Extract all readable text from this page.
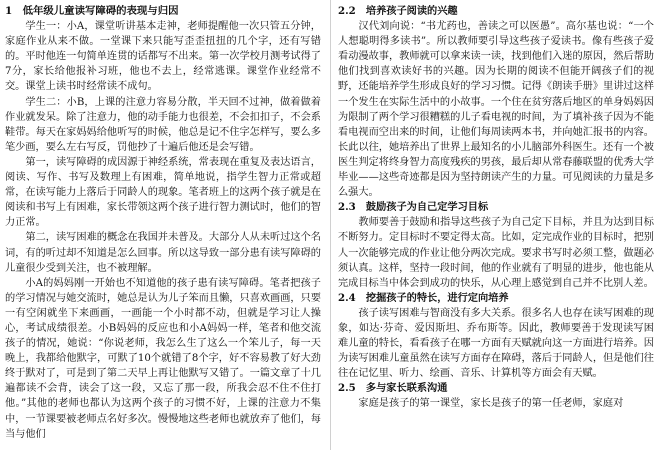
1　低年级儿童读写障碍的表现与归因

学生一：小A，课堂听讲基本走神，老师提醒他一次只管五分钟，家庭作业从来不做。一堂课下来只能写歪歪扭扭的几个字，还有写错的。平时他连一句简单连贯的话都写不出来。第一次学校月测考试得了7分，家长给他报补习班，他也不去上，经常逃课。课堂作业经常不交。课堂上读书时经常读不成句。

学生二：小B，上课的注意力容易分散，半天回不过神，做着做着作业就发呆。除了注意力，他的动手能力也很差，不会扣扣子，不会系鞋带。每天在家妈妈给他听写的时候，他总是记不住字怎样写，要么多笔少画，要么左右写反，罚他抄了十遍后他还是会写错。

第一，读写障碍的成因源于神经系统，常表现在重复及表达语言，阅读、写作、书写及数理上有困难，简单地说，指学生智力正常或超常，在读写能力上落后于同龄人的现象。笔者班上的这两个孩子就是在阅读和书写上有困难，家长带领这两个孩子进行智力测试时，他们的智力正常。

第二，读写困难的概念在我国并未普及。大部分人从未听过这个名词，有的听过却不知道是怎么回事。所以这导致一部分患有读写障碍的儿童很少受到关注，也不被理解。

小A的妈妈刚一开始也不知道他的孩子患有读写障碍。笔者把孩子的学习情况与她交流时，她总是认为儿子笨而且懒，只喜欢画画，只要一有空闲就坐下来画画，一画能一个小时都不动，但就是学习让人操心，考试成绩很差。小B妈妈的反应也和小A妈妈一样，笔者和他交流孩子的情况，她说：“你说老师，我怎么生了这么一个笨儿子，每一天晚上，我都给他默字，可默了10个就错了8个字，好不容易教了好大劲终于默对了，可是到了第二天早上再让他默写又错了。一篇文章了十几遍都读不会背，读会了这一段，又忘了那一段，所我会忍不住不住打他。”其他的老师也都认为这两个孩子的习惯不好，上课的注意力不集中，一节课要被老师点名好多次。慢慢地这些老师也就放弃了他们，每当与他们

2.2　培养孩子阅读的兴趣

汉代刘向说：“书尤药也，善读之可以医愚”。高尔基也说：“一个人想聪明得多读书”。所以教师要引导这些孩子爱读书。像有些孩子爱看动漫故事，教师就可以拿来读一读，找到他们入迷的原因，然后帮助他们找到喜欢读好书的兴趣。因为长期的阅读不但能开阔孩子们的视野，还能培养学生形成良好的学习习惯。记得《朗读手册》里讲过这样一个发生在实际生活中的小故事。一个住在贫穷落后地区的单身妈妈因为限制了两个学习很糟糕的儿子看电视的时间，为了填补孩子因为不能看电视而空出来的时间，让他们每周读两本书，并向她汇报书的内容。长此以往，她培养出了世界上最知名的小儿脑部外科医生。还有一个被医生判定将终身智力高度残疾的男孩，最后却从常春藤联盟的优秀大学毕业——这些奇迹都是因为坚持朗读产生的力量。可见阅读的力量是多么强大。

2.3　鼓励孩子为自己定学习目标

教师要善于鼓励和指导这些孩子为自己定下目标，并且为达到目标不断努力。定目标时不要定得太高。比如，定完成作业的目标时，把别人一次能够完成的作业让他分两次完成。要求书写时必须工整，做题必须认真。这样，坚持一段时间，他的作业就有了明显的进步，他也能从完成目标当中体会到成功的快乐，从心理上感觉到自己并不比别人差。

2.4　挖掘孩子的特长，进行定向培养

孩子读写困难与智商没有多大关系。很多名人也存在读写困难的现象，如达·芬奇、爱因斯坦、乔布斯等。因此，教师要善于发现读写困难儿童的特长，看看孩子在哪一方面有天赋就向这一方面进行培养。因为读写困难儿童虽然在读写方面存在障碍，落后于同龄人，但是他们往往在记忆里、听力、绘画、音乐、计算机等方面会有天赋。

2.5　多与家长联系沟通

家庭是孩子的第一课堂，家长是孩子的第一任老师，家庭对
